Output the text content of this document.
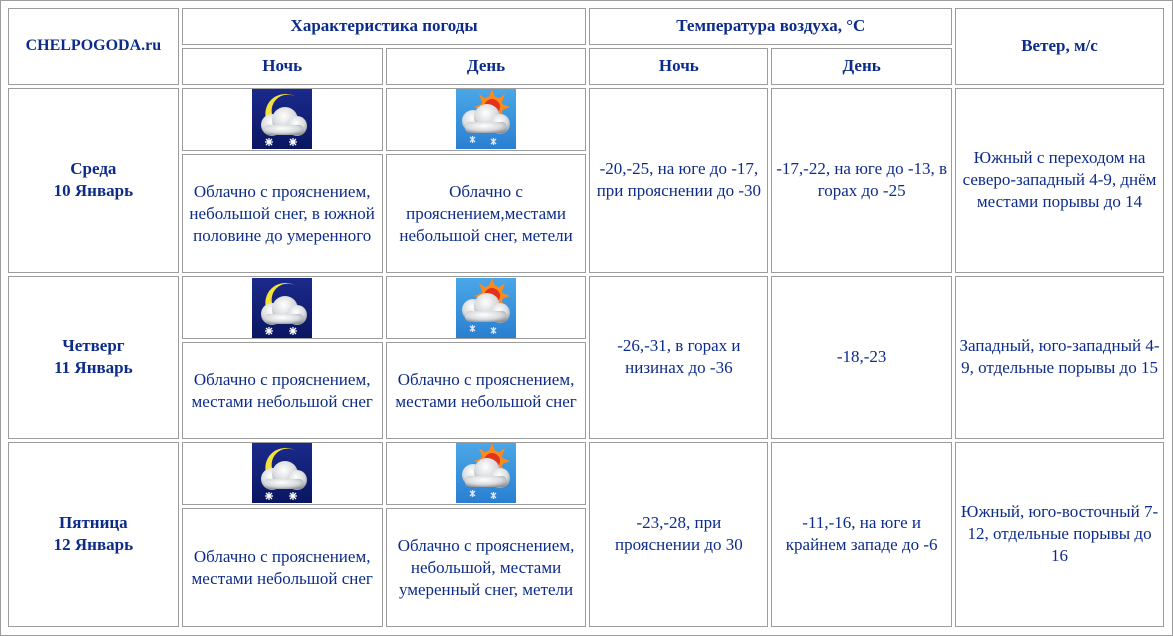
CHELPOGODA.ru	Характеристика погоды		Температура воздуха, °С		Ветер, м/с
	Ночь	День	Ночь	День	
Среда
10 Январь			-20,-25, на юге до -17, при прояснении до -30	-17,-22, на юге до -13, в горах до -25	Южный с переходом на северо-западный 4-9, днём местами порывы до 14
	Облачно с прояснением, небольшой снег, в южной половине до умеренного	Облачно с прояснением,местами небольшой снег, метели			
Четверг
11 Январь			-26,-31, в горах и низинах до -36	-18,-23	Западный, юго-западный 4-9, отдельные порывы до 15
	Облачно с прояснением, местами небольшой снег	Облачно с прояснением, местами небольшой снег			
Пятница
12 Январь			-23,-28, при прояснении до 30	-11,-16, на юге и крайнем западе до -6	Южный, юго-восточный 7-12, отдельные порывы до 16
	Облачно с прояснением, местами небольшой снег	Облачно с прояснением, небольшой, местами умеренный снег, метели			
